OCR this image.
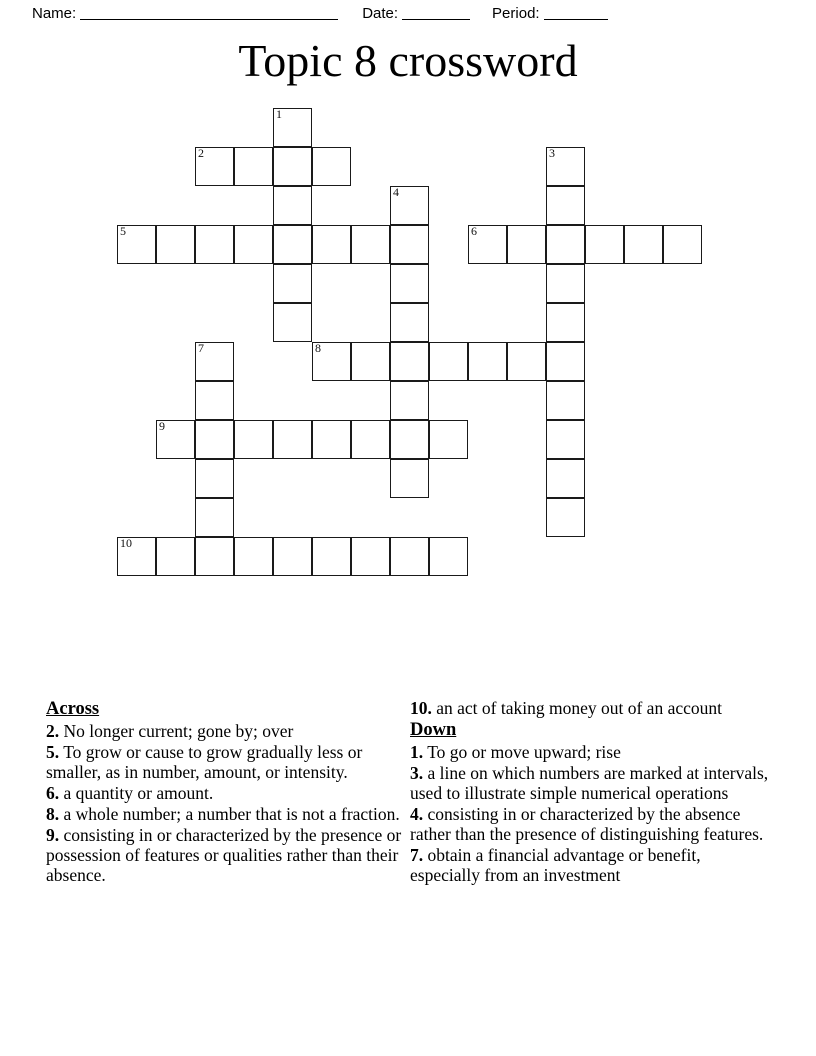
Name:	Date:	Period:
Topic 8 crossword
1
2	3
4
5	6
7	8
9
10
Across
2. No longer current; gone by; over
5. To grow or cause to grow gradually less or smaller, as in number, amount, or intensity.
6. a quantity or amount.
8. a whole number; a number that is not a fraction.
9. consisting in or characterized by the presence or possession of features or qualities rather than their absence.
10. an act of taking money out of an account
Down
1. To go or move upward; rise
3. a line on which numbers are marked at intervals, used to illustrate simple numerical operations
4. consisting in or characterized by the absence rather than the presence of distinguishing features.
7. obtain a financial advantage or benefit, especially from an investment
